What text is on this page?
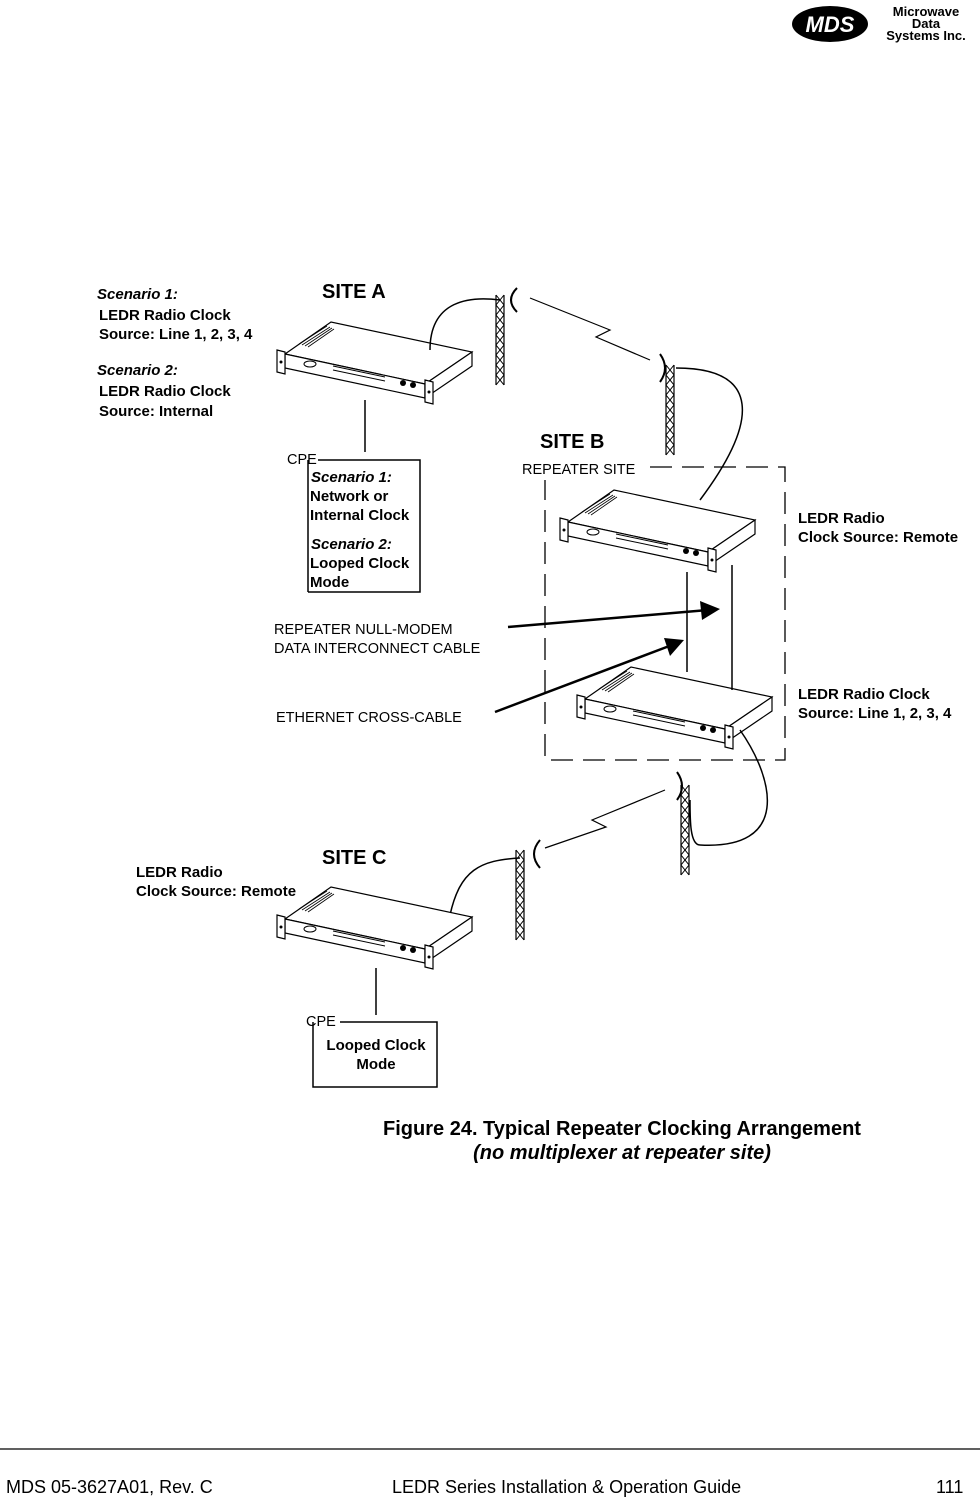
MDS
Microwave
Data
Systems Inc.
Scenario 1:
LEDR Radio Clock
Source: Line 1, 2, 3, 4
Scenario 2:
LEDR Radio Clock
Source: Internal
SITE A
CPE
Scenario 1:
Network or
Internal Clock
Scenario 2:
Looped Clock
Mode
SITE B
REPEATER SITE
LEDR Radio
Clock Source: Remote
LEDR Radio Clock
Source: Line 1, 2, 3, 4
REPEATER NULL-MODEM
DATA INTERCONNECT CABLE
ETHERNET CROSS-CABLE
LEDR Radio
Clock Source: Remote
SITE C
CPE
Looped Clock
Mode
Figure 24. Typical Repeater Clocking Arrangement
(no multiplexer at repeater site)
MDS 05-3627A01, Rev. C	LEDR Series Installation & Operation Guide	111
